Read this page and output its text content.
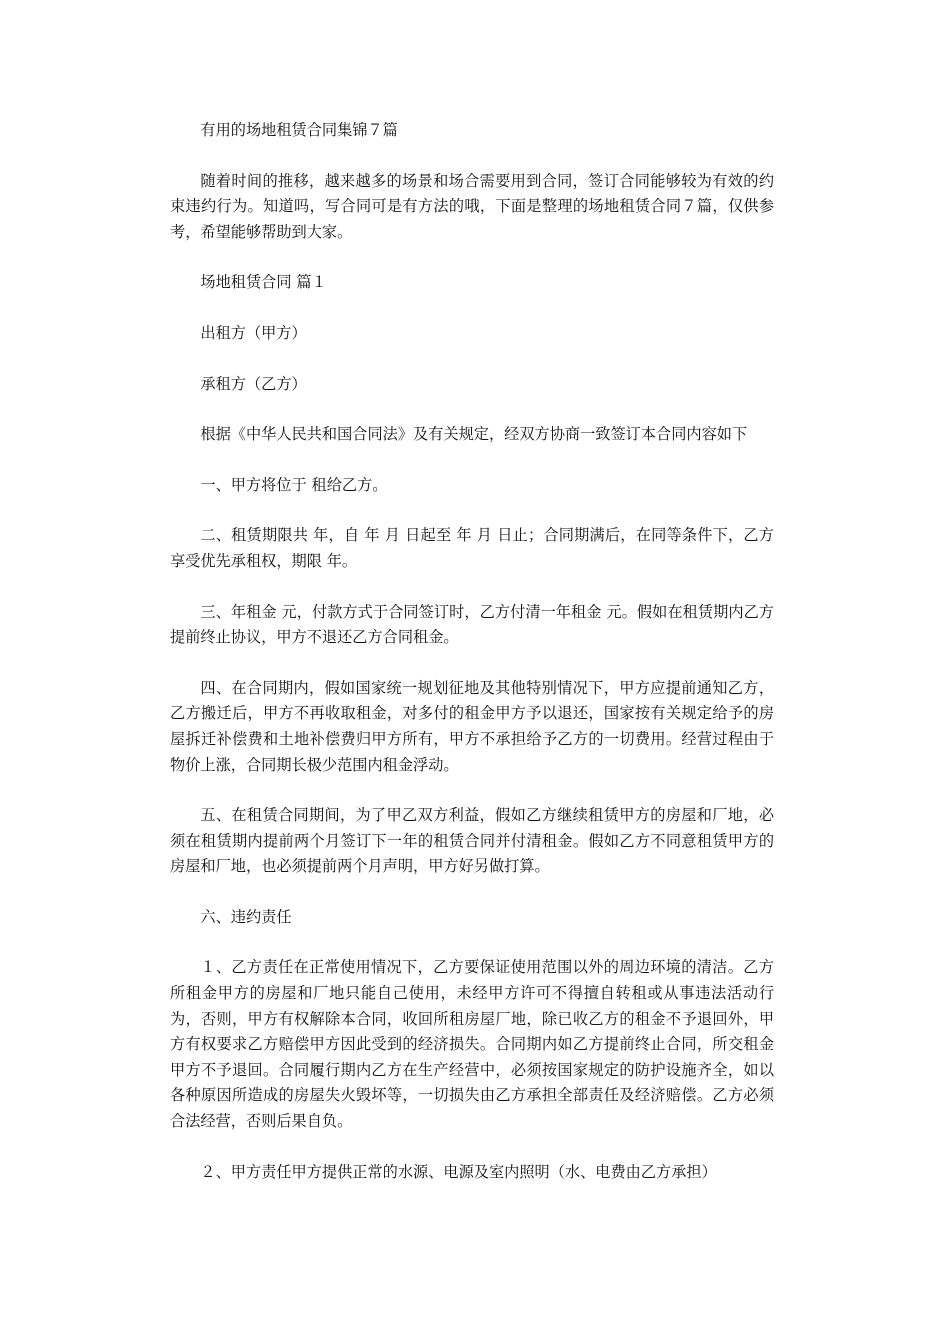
有用的场地租赁合同集锦７篇

随着时间的推移，越来越多的场景和场合需要用到合同，签订合同能够较为有效的约束违约行为。知道吗，写合同可是有方法的哦，下面是整理的场地租赁合同７篇，仅供参考，希望能够帮助到大家。

场地租赁合同 篇１

出租方（甲方）

承租方（乙方）

根据《中华人民共和国合同法》及有关规定，经双方协商一致签订本合同内容如下

一、甲方将位于 租给乙方。

二、租赁期限共 年，自 年 月 日起至 年 月 日止；合同期满后，在同等条件下，乙方享受优先承租权，期限 年。

三、年租金 元，付款方式于合同签订时，乙方付清一年租金 元。假如在租赁期内乙方提前终止协议，甲方不退还乙方合同租金。

四、在合同期内，假如国家统一规划征地及其他特别情况下，甲方应提前通知乙方，乙方搬迁后，甲方不再收取租金，对多付的租金甲方予以退还，国家按有关规定给予的房屋拆迁补偿费和土地补偿费归甲方所有，甲方不承担给予乙方的一切费用。经营过程由于物价上涨，合同期长极少范围内租金浮动。

五、在租赁合同期间，为了甲乙双方利益，假如乙方继续租赁甲方的房屋和厂地，必须在租赁期内提前两个月签订下一年的租赁合同并付清租金。假如乙方不同意租赁甲方的房屋和厂地，也必须提前两个月声明，甲方好另做打算。

六、违约责任

１、乙方责任在正常使用情况下，乙方要保证使用范围以外的周边环境的清洁。乙方所租金甲方的房屋和厂地只能自己使用，未经甲方许可不得擅自转租或从事违法活动行为，否则，甲方有权解除本合同，收回所租房屋厂地，除已收乙方的租金不予退回外，甲方有权要求乙方赔偿甲方因此受到的经济损失。合同期内如乙方提前终止合同，所交租金甲方不予退回。合同履行期内乙方在生产经营中，必须按国家规定的防护设施齐全，如以各种原因所造成的房屋失火毁坏等，一切损失由乙方承担全部责任及经济赔偿。乙方必须合法经营，否则后果自负。

２、甲方责任甲方提供正常的水源、电源及室内照明（水、电费由乙方承担）
